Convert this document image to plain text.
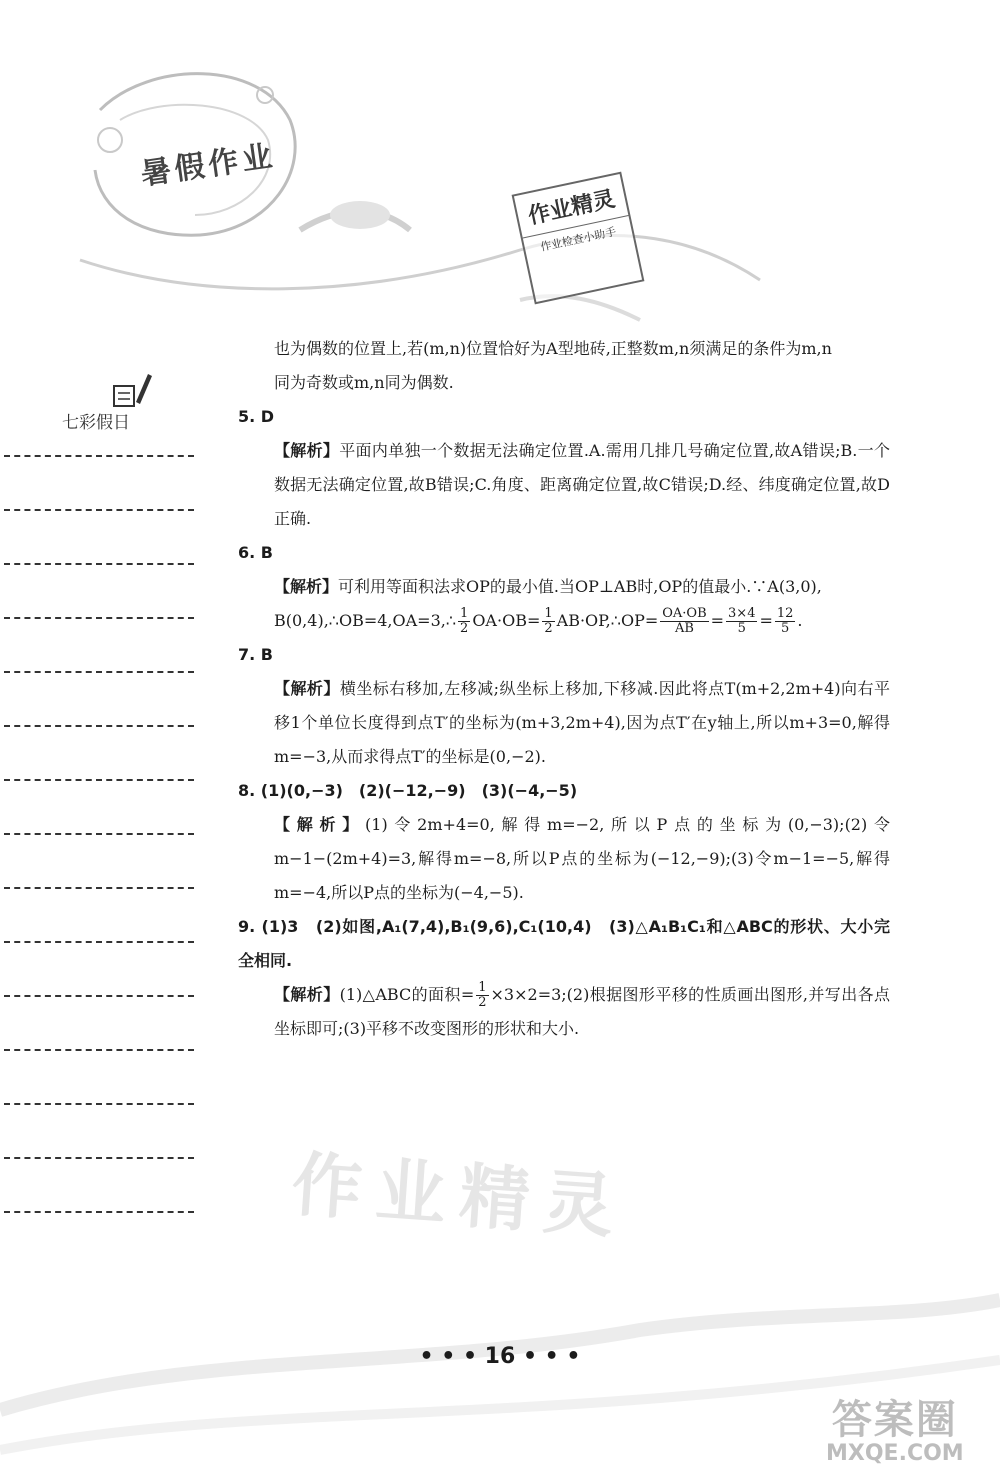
暑假作业
作业精灵
作业检查小助手
七彩假日

也为偶数的位置上,若(m,n)位置恰好为A型地砖,正整数m,n须满足的条件为m,n

同为奇数或m,n同为偶数.

5. D

【解析】平面内单独一个数据无法确定位置.A.需用几排几号确定位置,故A错误;B.一个数据无法确定位置,故B错误;C.角度、距离确定位置,故C错误;D.经、纬度确定位置,故D正确.

6. B

【解析】可利用等面积法求OP的最小值.当OP⊥AB时,OP的值最小.∵A(3,0),

B(0,4),∴OB=4,OA=3,∴ $\frac{1}{2} OA\cdot OB= \frac{1}{2}$ AB·OP,∴OP= $\frac{OA\cdot OB}{AB} = \frac{3\times 4}{5} = \frac{12}{5}$ .

7. B

【解析】横坐标右移加,左移减;纵坐标上移加,下移减.因此将点T(m+2,2m+4)向右平移1个单位长度得到点T′的坐标为(m+3,2m+4),因为点T′在y轴上,所以m+3=0,解得m=−3,从而求得点T′的坐标是(0,−2).

8. (1)(0,−3)　(2)(−12,−9)　(3)(−4,−5)

【解析】(1)令2m+4=0,解得m=−2,所以P点的坐标为(0,−3);(2)令m−1−(2m+4)=3,解得m=−8,所以P点的坐标为(−12,−9);(3)令m−1=−5,解得m=−4,所以P点的坐标为(−4,−5).

9. (1)3　(2)如图,A₁(7,4),B₁(9,6),C₁(10,4)　(3)△A₁B₁C₁和△ABC的形状、大小完全相同.

【解析】(1)△ABC的面积= $\frac{1}{2}$ ×3×2=3;(2)根据图形平移的性质画出图形,并写出各点坐标即可;(3)平移不改变图形的形状和大小.

作业精灵
• • • 16 • • •
答案圈
MXQE.COM
